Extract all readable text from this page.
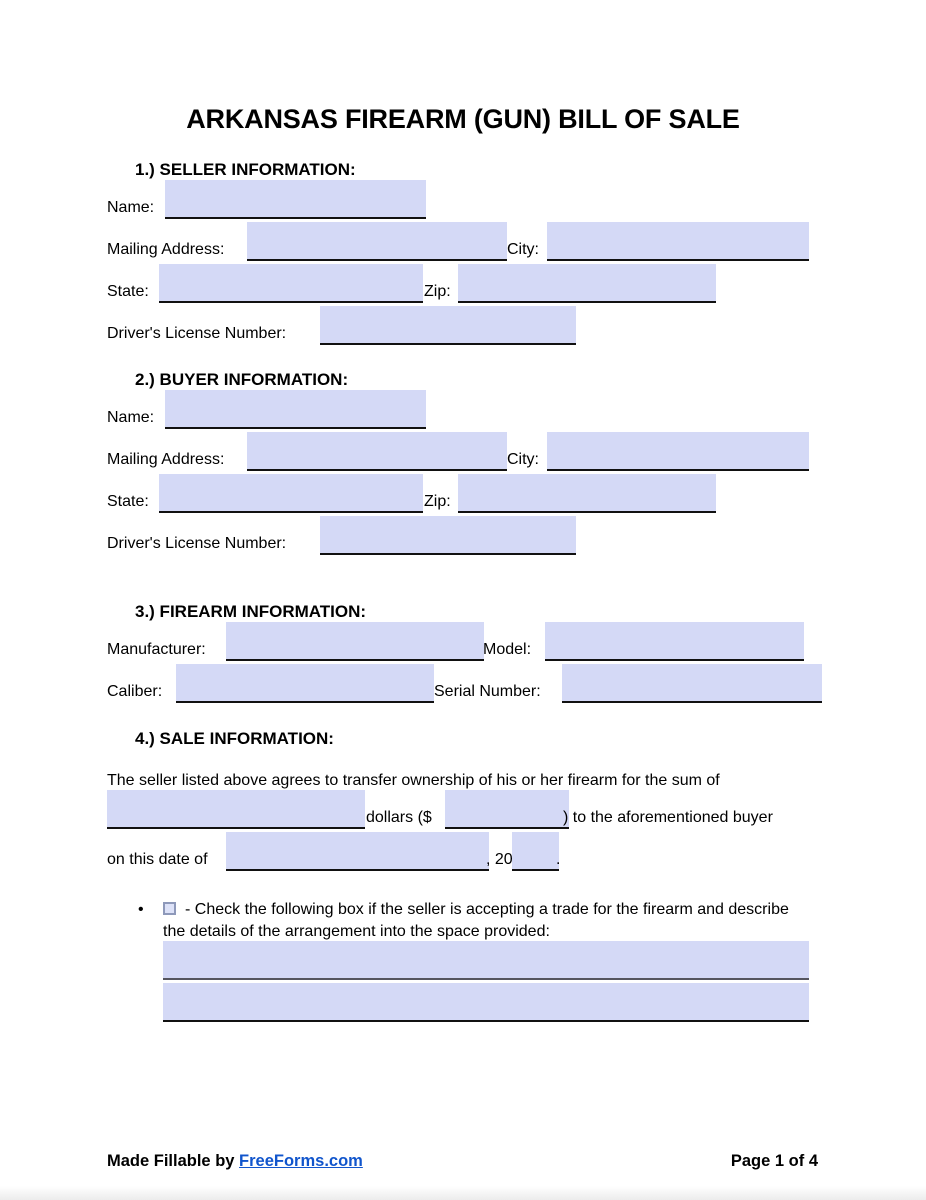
ARKANSAS FIREARM (GUN) BILL OF SALE
1.) SELLER INFORMATION:
Name:
Mailing Address:	City:
State:	Zip:
Driver's License Number:
2.) BUYER INFORMATION:
Name:
Mailing Address:	City:
State:	Zip:
Driver's License Number:
3.) FIREARM INFORMATION:
Manufacturer:	Model:
Caliber:	Serial Number:
4.) SALE INFORMATION:
The seller listed above agrees to transfer ownership of his or her firearm for the sum of
dollars ($	) to the aforementioned buyer
on this date of	, 20	.
•	- Check the following box if the seller is accepting a trade for the firearm and describe the details of the arrangement into the space provided:
Made Fillable by FreeForms.com	Page 1 of 4
